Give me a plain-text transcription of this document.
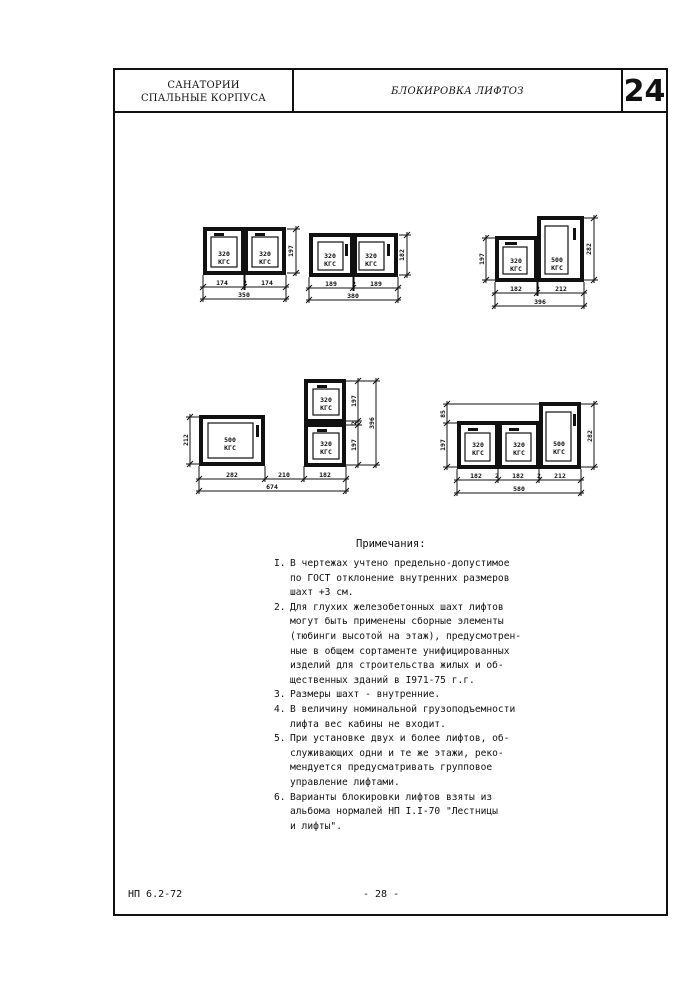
САНАТОРИИ
СПАЛЬНЫЕ КОРПУСА
БЛОКИРОВКА ЛИФТОЗ	24
320
КГС
320
КГС
197
174 2 174
350
320
КГС
320
КГС
182
189 2 189
380
320
КГС
500
КГС
197
282
182 2 212
396
500
КГС
320
КГС
320
КГС
212
197
2
197
396
282	210	182
674
320
КГС
320
КГС
500
КГС
85
197
282
182 2 182 2 212
580
Примечания:
I. В чертежах учтено предельно-допустимое
по ГОСТ отклонение внутренних размеров
шахт +3 см.
2. Для глухих железобетонных шахт лифтов
могут быть применены сборные элементы
(тюбинги высотой на этаж), предусмотрен-
ные в общем сортаменте унифицированных
изделий для строительства жилых и об-
щественных зданий в I971-75 г.г.
3. Размеры шахт - внутренние.
4. В величину номинальной грузоподъемности
лифта вес кабины не входит.
5. При установке двух и более лифтов, об-
служивающих одни и те же этажи, реко-
мендуется предусматривать групповое
управление лифтами.
6. Варианты блокировки лифтов взяты из
альбома нормалей НП I.I-70 "Лестницы
и лифты".
НП 6.2-72	- 28 -
